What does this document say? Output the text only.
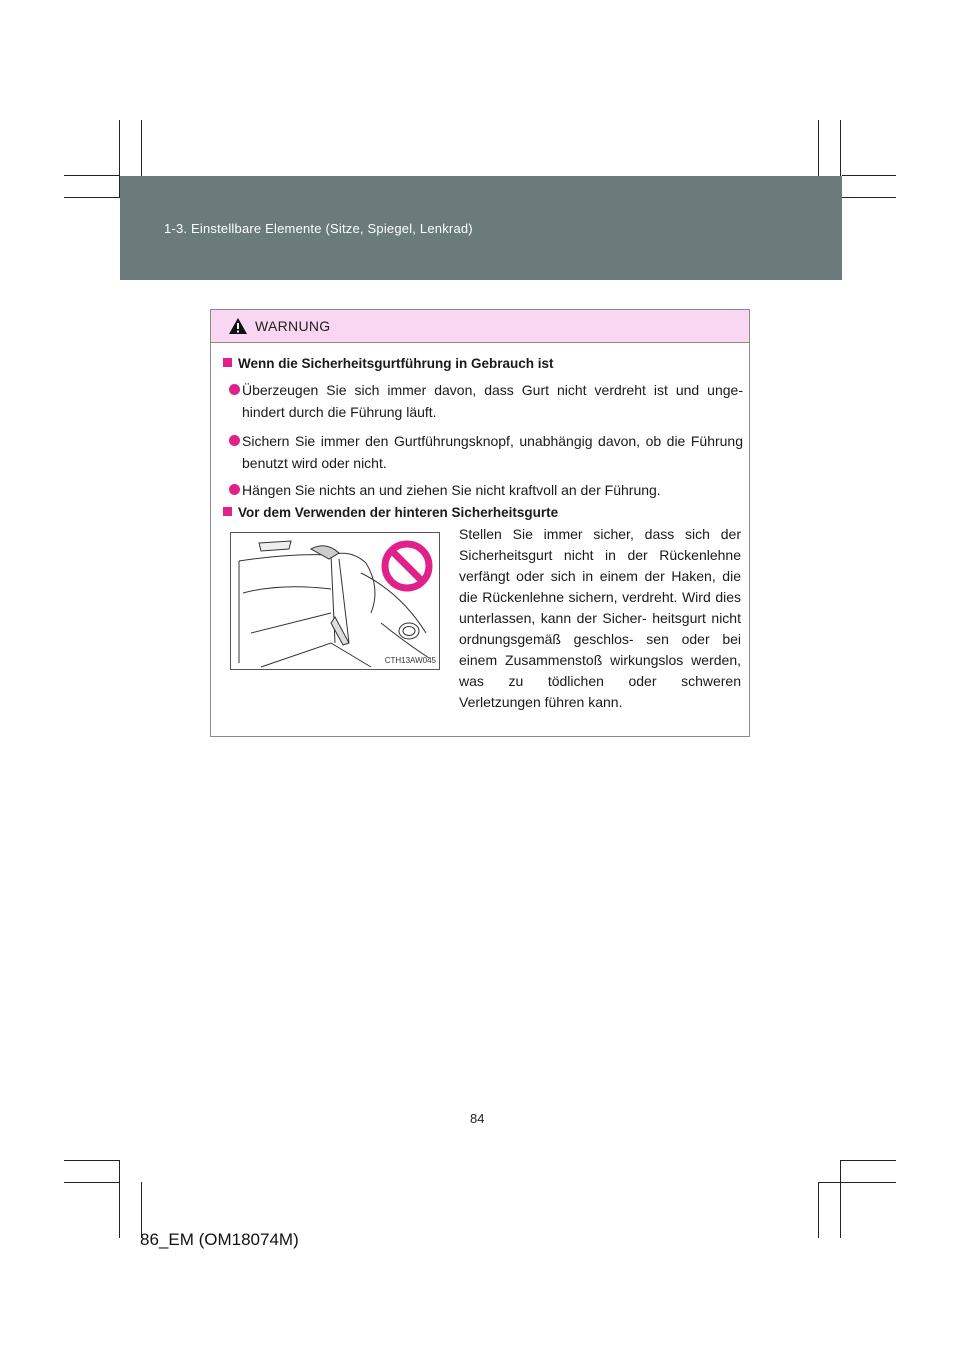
1-3. Einstellbare Elemente (Sitze, Spiegel, Lenkrad)
WARNUNG
Wenn die Sicherheitsgurtführung in Gebrauch ist
Überzeugen Sie sich immer davon, dass Gurt nicht verdreht ist und unge- hindert durch die Führung läuft.
Sichern Sie immer den Gurtführungsknopf, unabhängig davon, ob die Führung benutzt wird oder nicht.
Hängen Sie nichts an und ziehen Sie nicht kraftvoll an der Führung.
Vor dem Verwenden der hinteren Sicherheitsgurte
CTH13AW045
Stellen Sie immer sicher, dass sich der Sicherheitsgurt nicht in der Rückenlehne verfängt oder sich in einem der Haken, die die Rückenlehne sichern, verdreht. Wird dies unterlassen, kann der Sicher- heitsgurt nicht ordnungsgemäß geschlos- sen oder bei einem Zusammenstoß wirkungslos werden, was zu tödlichen oder schweren Verletzungen führen kann.
84
86_EM (OM18074M)
